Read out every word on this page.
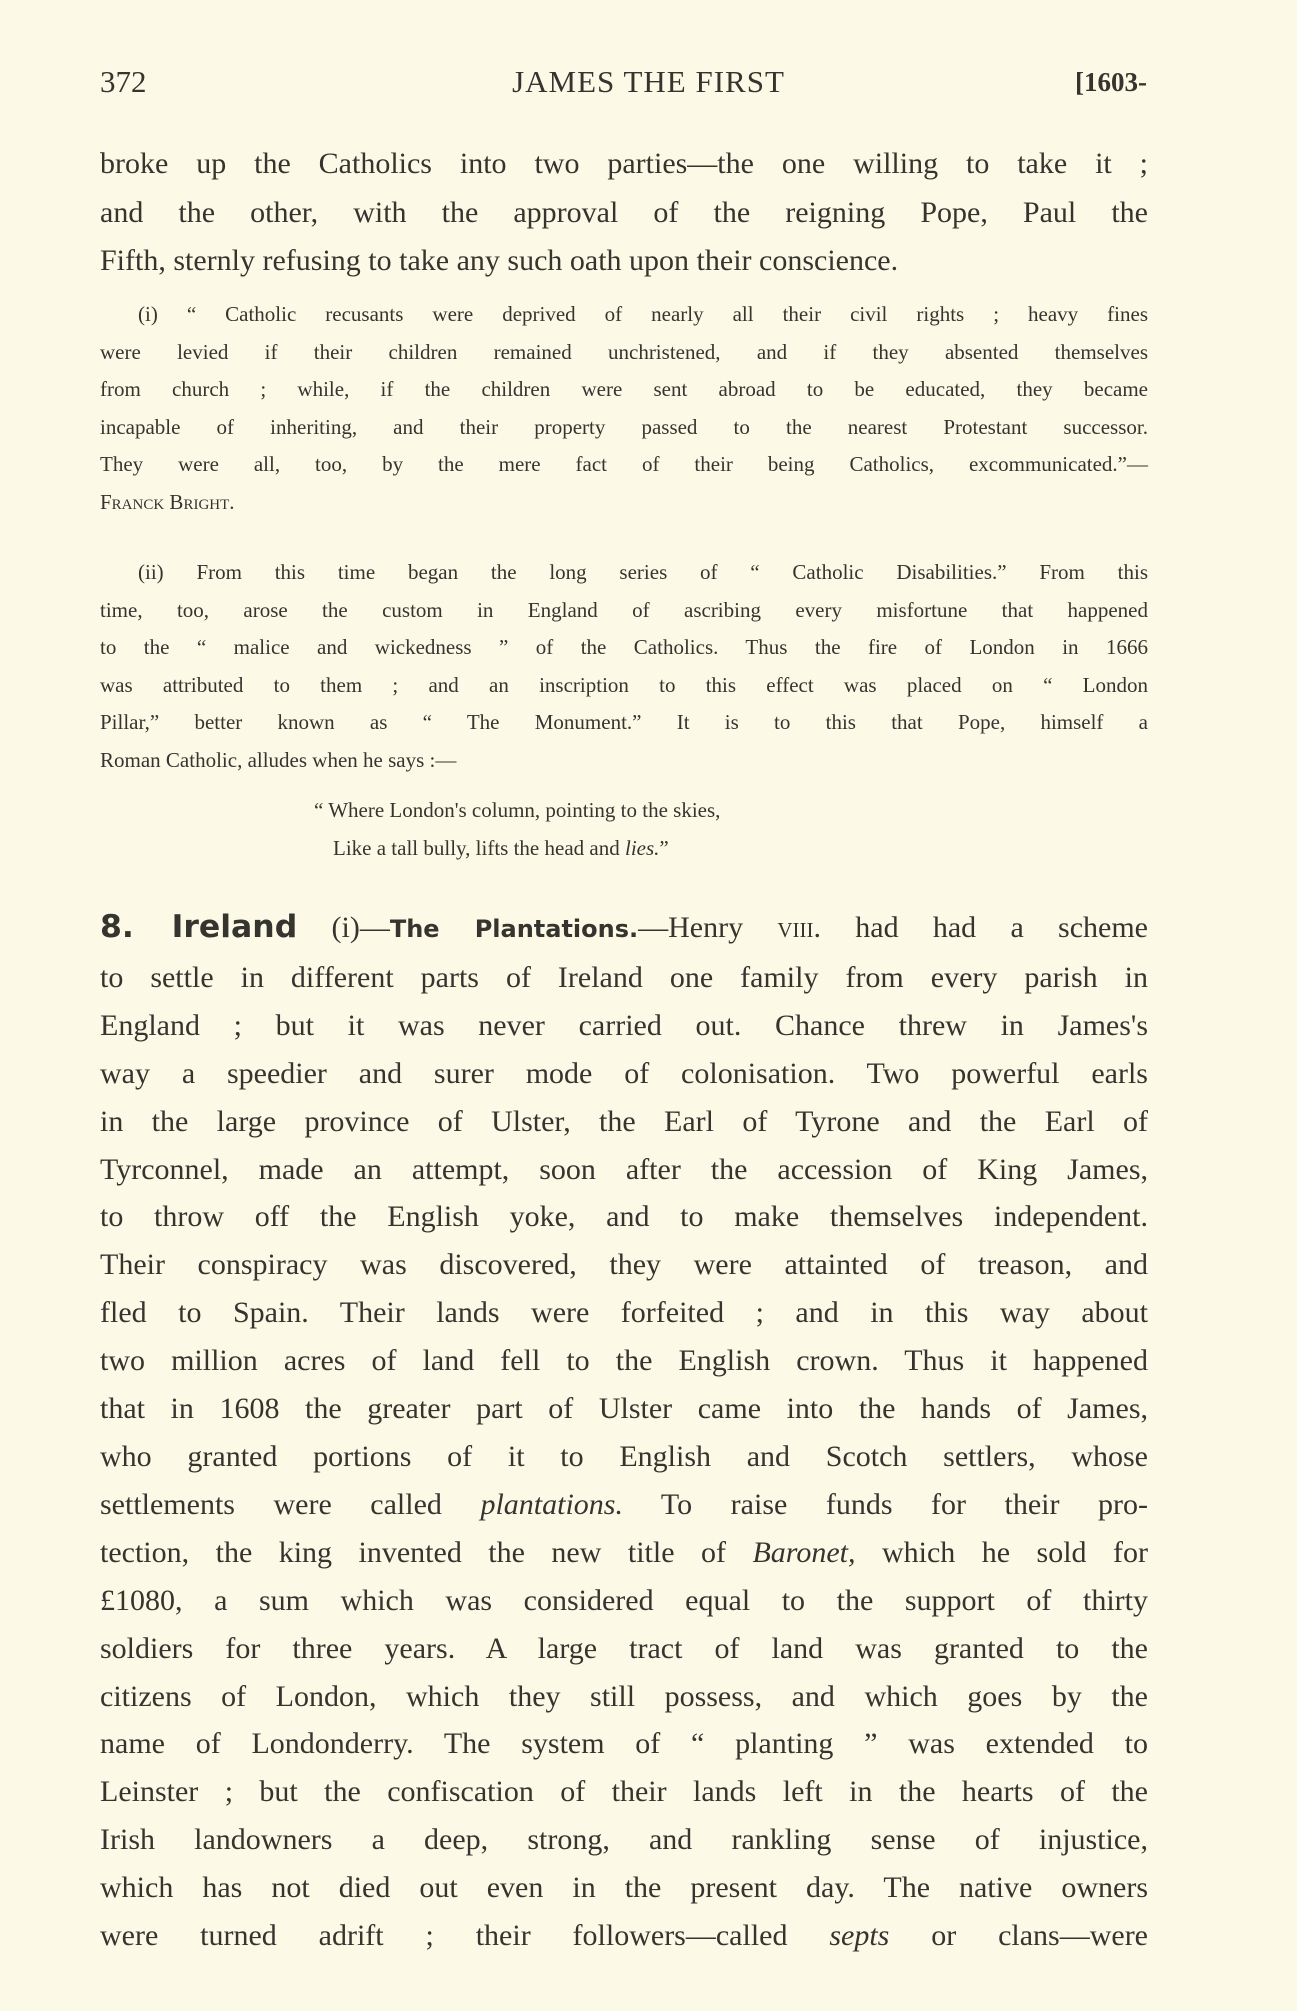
372	JAMES THE FIRST	[1603-
broke up the Catholics into two parties—the one willing to take it ;
and the other, with the approval of the reigning Pope, Paul the
Fifth, sternly refusing to take any such oath upon their conscience.
(i) “ Catholic recusants were deprived of nearly all their civil rights ; heavy fines
were levied if their children remained unchristened, and if they absented themselves
from church ; while, if the children were sent abroad to be educated, they became
incapable of inheriting, and their property passed to the nearest Protestant successor.
They were all, too, by the mere fact of their being Catholics, excommunicated.”—
Franck Bright.
(ii) From this time began the long series of “ Catholic Disabilities.” From this
time, too, arose the custom in England of ascribing every misfortune that happened
to the “ malice and wickedness ” of the Catholics. Thus the fire of London in 1666
was attributed to them ; and an inscription to this effect was placed on “ London
Pillar,” better known as “ The Monument.” It is to this that Pope, himself a
Roman Catholic, alludes when he says :—
“ Where London's column, pointing to the skies,
Like a tall bully, lifts the head and lies.”
8. Ireland (i)—The Plantations.—Henry viii. had had a scheme
to settle in different parts of Ireland one family from every parish in
England ; but it was never carried out. Chance threw in James's
way a speedier and surer mode of colonisation. Two powerful earls
in the large province of Ulster, the Earl of Tyrone and the Earl of
Tyrconnel, made an attempt, soon after the accession of King James,
to throw off the English yoke, and to make themselves independent.
Their conspiracy was discovered, they were attainted of treason, and
fled to Spain. Their lands were forfeited ; and in this way about
two million acres of land fell to the English crown. Thus it happened
that in 1608 the greater part of Ulster came into the hands of James,
who granted portions of it to English and Scotch settlers, whose
settlements were called plantations. To raise funds for their pro-
tection, the king invented the new title of Baronet, which he sold for
£1080, a sum which was considered equal to the support of thirty
soldiers for three years. A large tract of land was granted to the
citizens of London, which they still possess, and which goes by the
name of Londonderry. The system of “ planting ” was extended to
Leinster ; but the confiscation of their lands left in the hearts of the
Irish landowners a deep, strong, and rankling sense of injustice,
which has not died out even in the present day. The native owners
were turned adrift ; their followers—called septs or clans—were
